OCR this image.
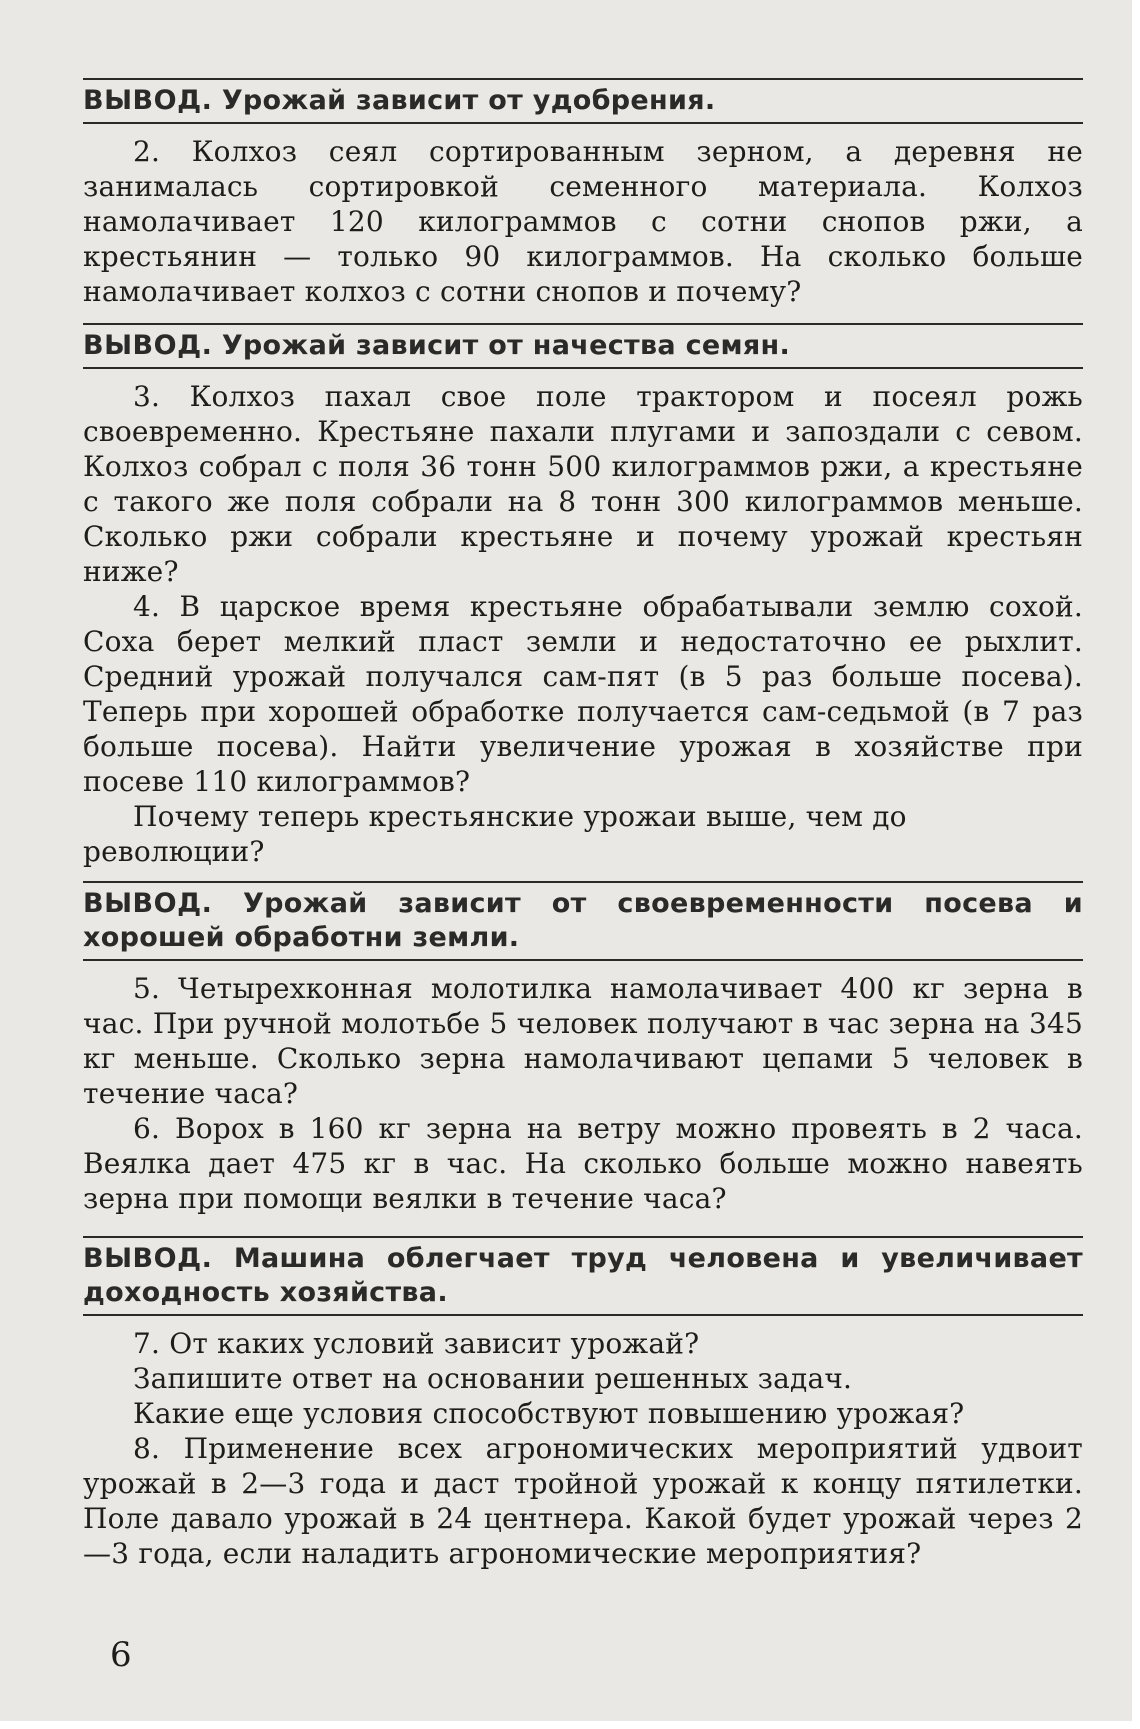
ВЫВОД. Урожай зависит от удобрения.

2. Колхоз сеял сортированным зерном, а деревня не занималась сортировкой семенного материала. Колхоз намолачивает 120 килограммов с сотни снопов ржи, а крестьянин — только 90 килограммов. На сколько больше намолачивает колхоз с сотни снопов и почему?

ВЫВОД. Урожай зависит от начества семян.

3. Колхоз пахал свое поле трактором и посеял рожь своевременно. Крестьяне пахали плугами и запоздали с севом. Колхоз собрал с поля 36 тонн 500 килограммов ржи, а крестьяне с такого же поля собрали на 8 тонн 300 килограммов меньше. Сколько ржи собрали крестьяне и почему урожай крестьян ниже?

4. В царское время крестьяне обрабатывали землю сохой. Соха берет мелкий пласт земли и недостаточно ее рыхлит. Средний урожай получался сам-пят (в 5 раз больше посева). Теперь при хорошей обработке получается сам-седьмой (в 7 раз больше посева). Найти увеличение урожая в хозяйстве при посеве 110 килограммов?

Почему теперь крестьянские урожаи выше, чем до революции?

ВЫВОД. Урожай зависит от своевременности посева и хорошей обработни земли.

5. Четырехконная молотилка намолачивает 400 кг зерна в час. При ручной молотьбе 5 человек получают в час зерна на 345 кг меньше. Сколько зерна намолачивают цепами 5 человек в течение часа?

6. Ворох в 160 кг зерна на ветру можно провеять в 2 часа. Веялка дает 475 кг в час. На сколько больше можно навеять зерна при помощи веялки в течение часа?

ВЫВОД. Машина облегчает труд человена и увеличивает доходность хозяйства.

7. От каких условий зависит урожай?

Запишите ответ на основании решенных задач.

Какие еще условия способствуют повышению урожая?

8. Применение всех агрономических мероприятий удвоит урожай в 2—3 года и даст тройной урожай к концу пятилетки. Поле давало урожай в 24 центнера. Какой будет урожай через 2—3 года, если наладить агрономические мероприятия?

6
